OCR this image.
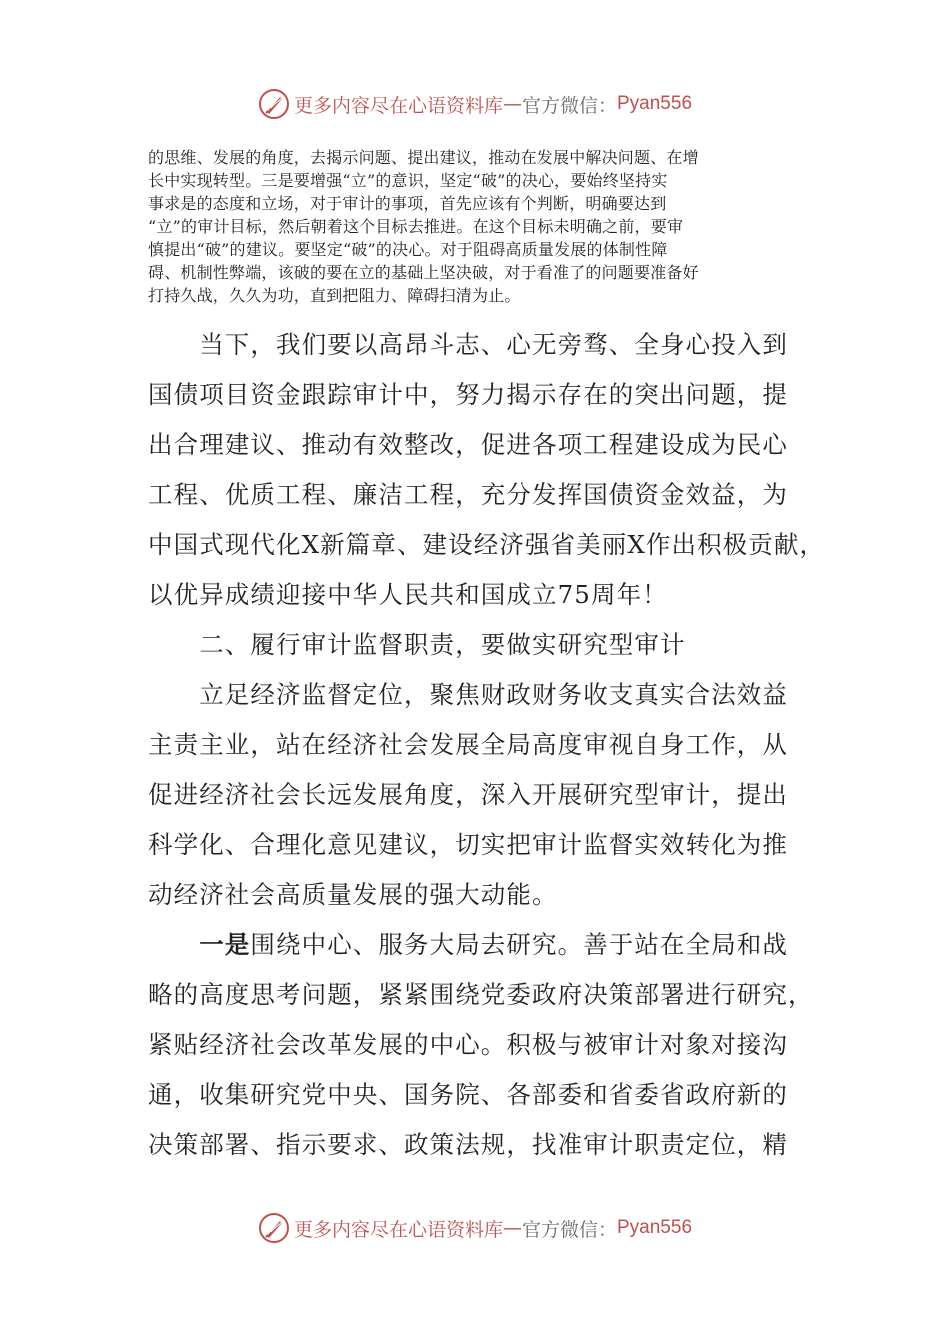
更多内容尽在心语资料库 — 官方微信： Pyan556
的思维、发展的角度，去揭示问题、提出建议，推动在发展中解决问题、在增
长中实现转型。三是要增强“立”的意识，坚定“破”的决心，要始终坚持实
事求是的态度和立场，对于审计的事项，首先应该有个判断，明确要达到
“立”的审计目标，然后朝着这个目标去推进。在这个目标未明确之前，要审
慎提出“破”的建议。要坚定“破”的决心。对于阻碍高质量发展的体制性障
碍、机制性弊端，该破的要在立的基础上坚决破，对于看准了的问题要准备好
打持久战，久久为功，直到把阻力、障碍扫清为止。
　　当下，我们要以高昂斗志、心无旁骛、全身心投入到
国债项目资金跟踪审计中，努力揭示存在的突出问题，提
出合理建议、推动有效整改，促进各项工程建设成为民心
工程、优质工程、廉洁工程，充分发挥国债资金效益，为
中国式现代化X新篇章、建设经济强省美丽X作出积极贡献，
以优异成绩迎接中华人民共和国成立75周年！
　　二、履行审计监督职责，要做实研究型审计
　　立足经济监督定位，聚焦财政财务收支真实合法效益
主责主业，站在经济社会发展全局高度审视自身工作，从
促进经济社会长远发展角度，深入开展研究型审计，提出
科学化、合理化意见建议，切实把审计监督实效转化为推
动经济社会高质量发展的强大动能。
　　一是围绕中心、服务大局去研究。善于站在全局和战
略的高度思考问题，紧紧围绕党委政府决策部署进行研究，
紧贴经济社会改革发展的中心。积极与被审计对象对接沟
通，收集研究党中央、国务院、各部委和省委省政府新的
决策部署、指示要求、政策法规，找准审计职责定位，精
更多内容尽在心语资料库 — 官方微信： Pyan556
